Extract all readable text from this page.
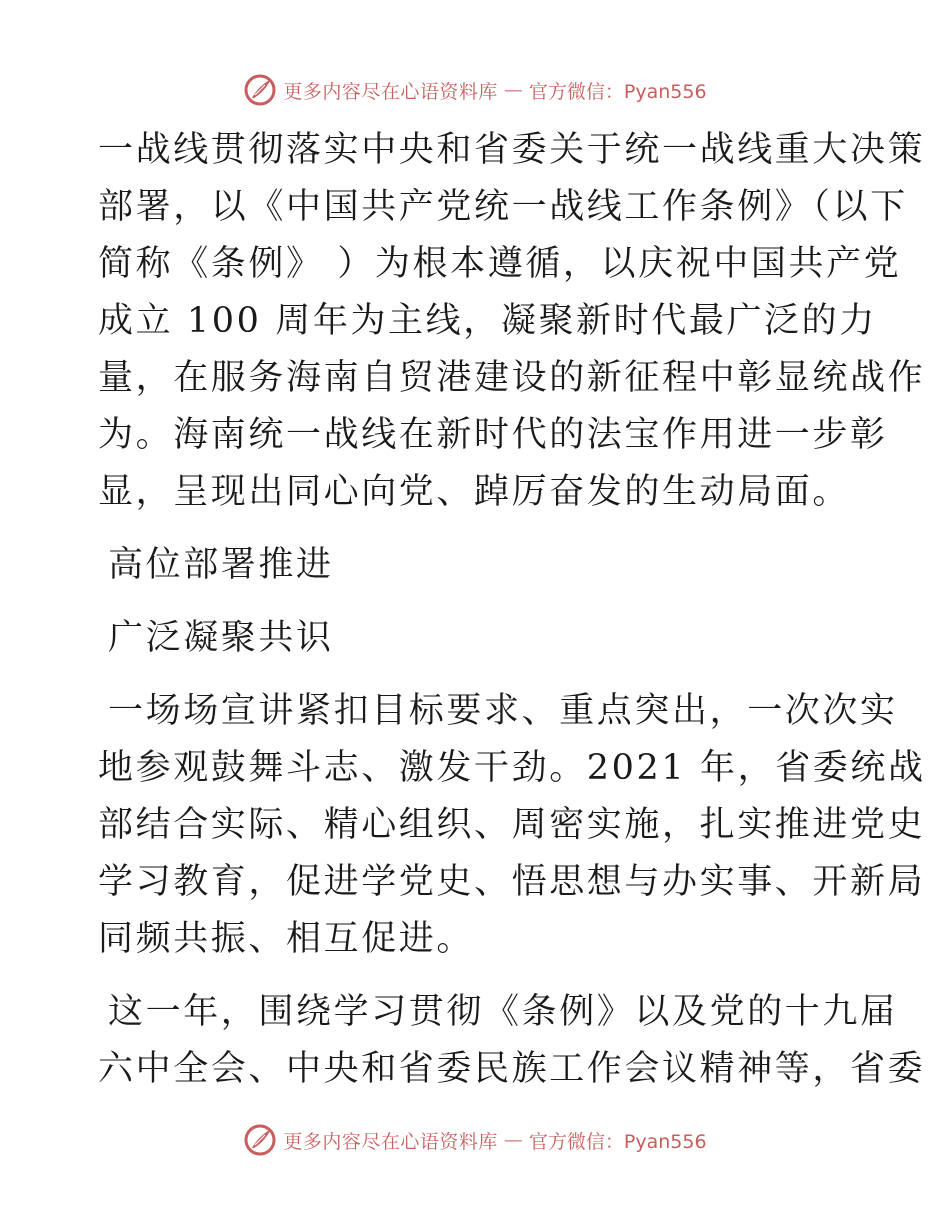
更多内容尽在心语资料库 — 官方微信：Pyan556
一战线贯彻落实中央和省委关于统一战线重大决策
部署，以《中国共产党统一战线工作条例》（以下
简称《条例》 ）为根本遵循，以庆祝中国共产党
成立 100 周年为主线，凝聚新时代最广泛的力
量，在服务海南自贸港建设的新征程中彰显统战作
为。海南统一战线在新时代的法宝作用进一步彰
显，呈现出同心向党、踔厉奋发的生动局面。
高位部署推进
广泛凝聚共识
一场场宣讲紧扣目标要求、重点突出，一次次实
地参观鼓舞斗志、激发干劲。2021 年，省委统战
部结合实际、精心组织、周密实施，扎实推进党史
学习教育，促进学党史、悟思想与办实事、开新局
同频共振、相互促进。
这一年，围绕学习贯彻《条例》以及党的十九届
六中全会、中央和省委民族工作会议精神等，省委
更多内容尽在心语资料库 — 官方微信：Pyan556
